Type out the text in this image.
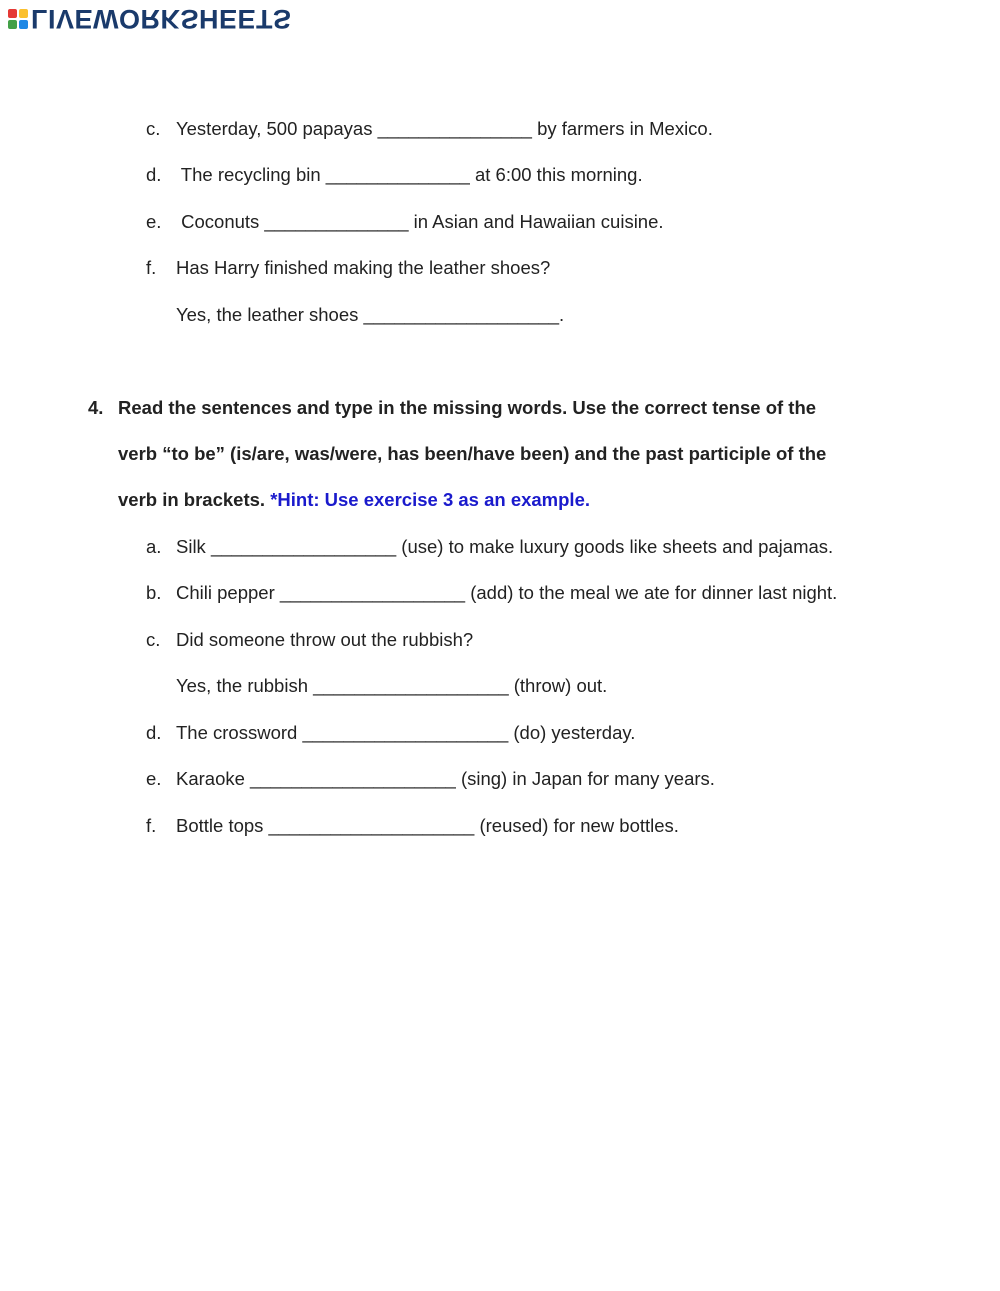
LIVEWORKSHEETS
c. Yesterday, 500 papayas _______________ by farmers in Mexico.
d. The recycling bin ______________ at 6:00 this morning.
e. Coconuts ______________ in Asian and Hawaiian cuisine.
f. Has Harry finished making the leather shoes?
Yes, the leather shoes ___________________.
4. Read the sentences and type in the missing words. Use the correct tense of the
verb “to be” (is/are, was/were, has been/have been) and the past participle of the
verb in brackets. *Hint: Use exercise 3 as an example.
a. Silk __________________ (use) to make luxury goods like sheets and pajamas.
b. Chili pepper __________________ (add) to the meal we ate for dinner last night.
c. Did someone throw out the rubbish?
Yes, the rubbish ___________________ (throw) out.
d. The crossword ____________________ (do) yesterday.
e. Karaoke ____________________ (sing) in Japan for many years.
f. Bottle tops ____________________ (reused) for new bottles.
